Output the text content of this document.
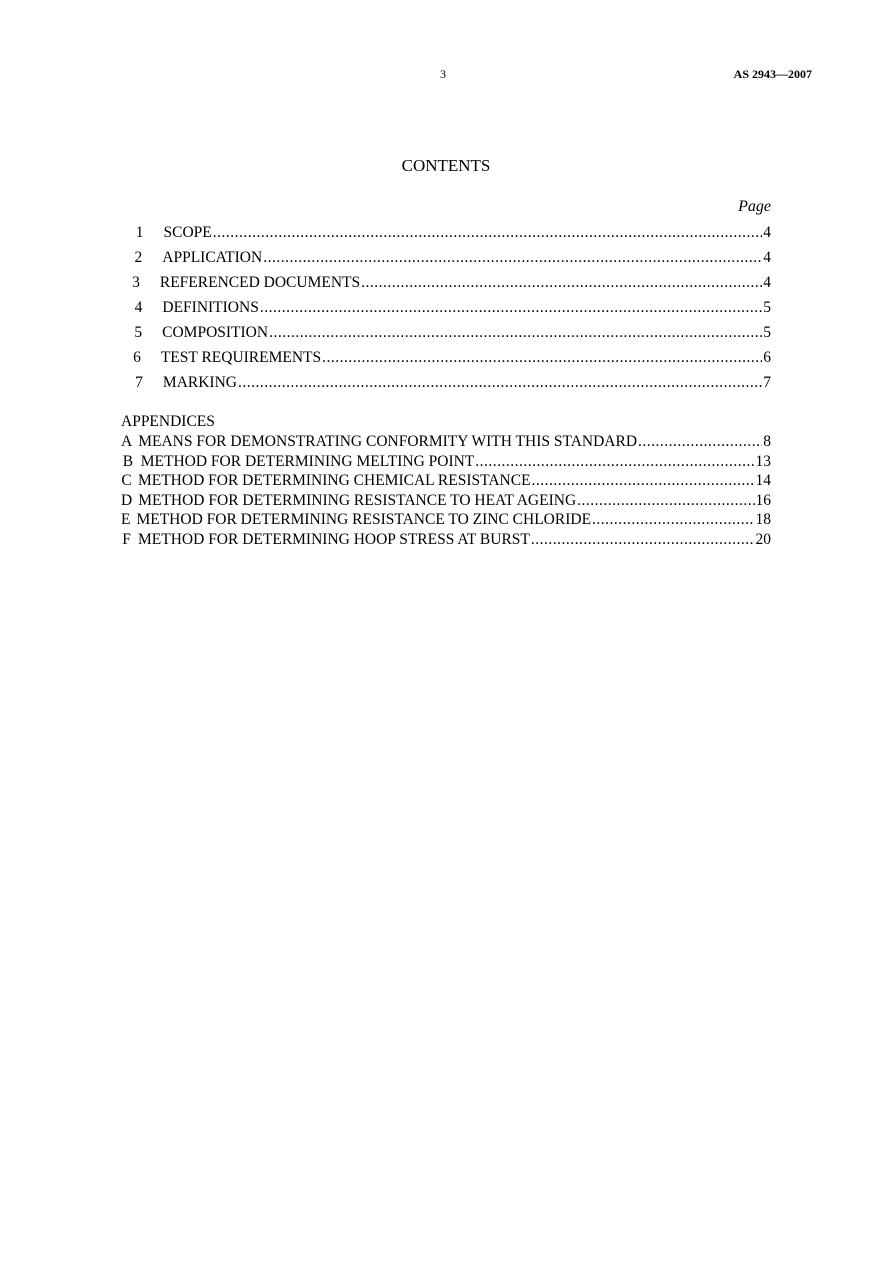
3	AS 2943—2007
CONTENTS
Page
1 SCOPE .....	4
2 APPLICATION .....	4
3 REFERENCED DOCUMENTS .....	4
4 DEFINITIONS .....	5
5 COMPOSITION .....	5
6 TEST REQUIREMENTS .....	6
7 MARKING .....	7
APPENDICES
A MEANS FOR DEMONSTRATING CONFORMITY WITH THIS STANDARD .....	8
B METHOD FOR DETERMINING MELTING POINT .....	13
C METHOD FOR DETERMINING CHEMICAL RESISTANCE .....	14
D METHOD FOR DETERMINING RESISTANCE TO HEAT AGEING .....	16
E METHOD FOR DETERMINING RESISTANCE TO ZINC CHLORIDE .....	18
F METHOD FOR DETERMINING HOOP STRESS AT BURST .....	20
